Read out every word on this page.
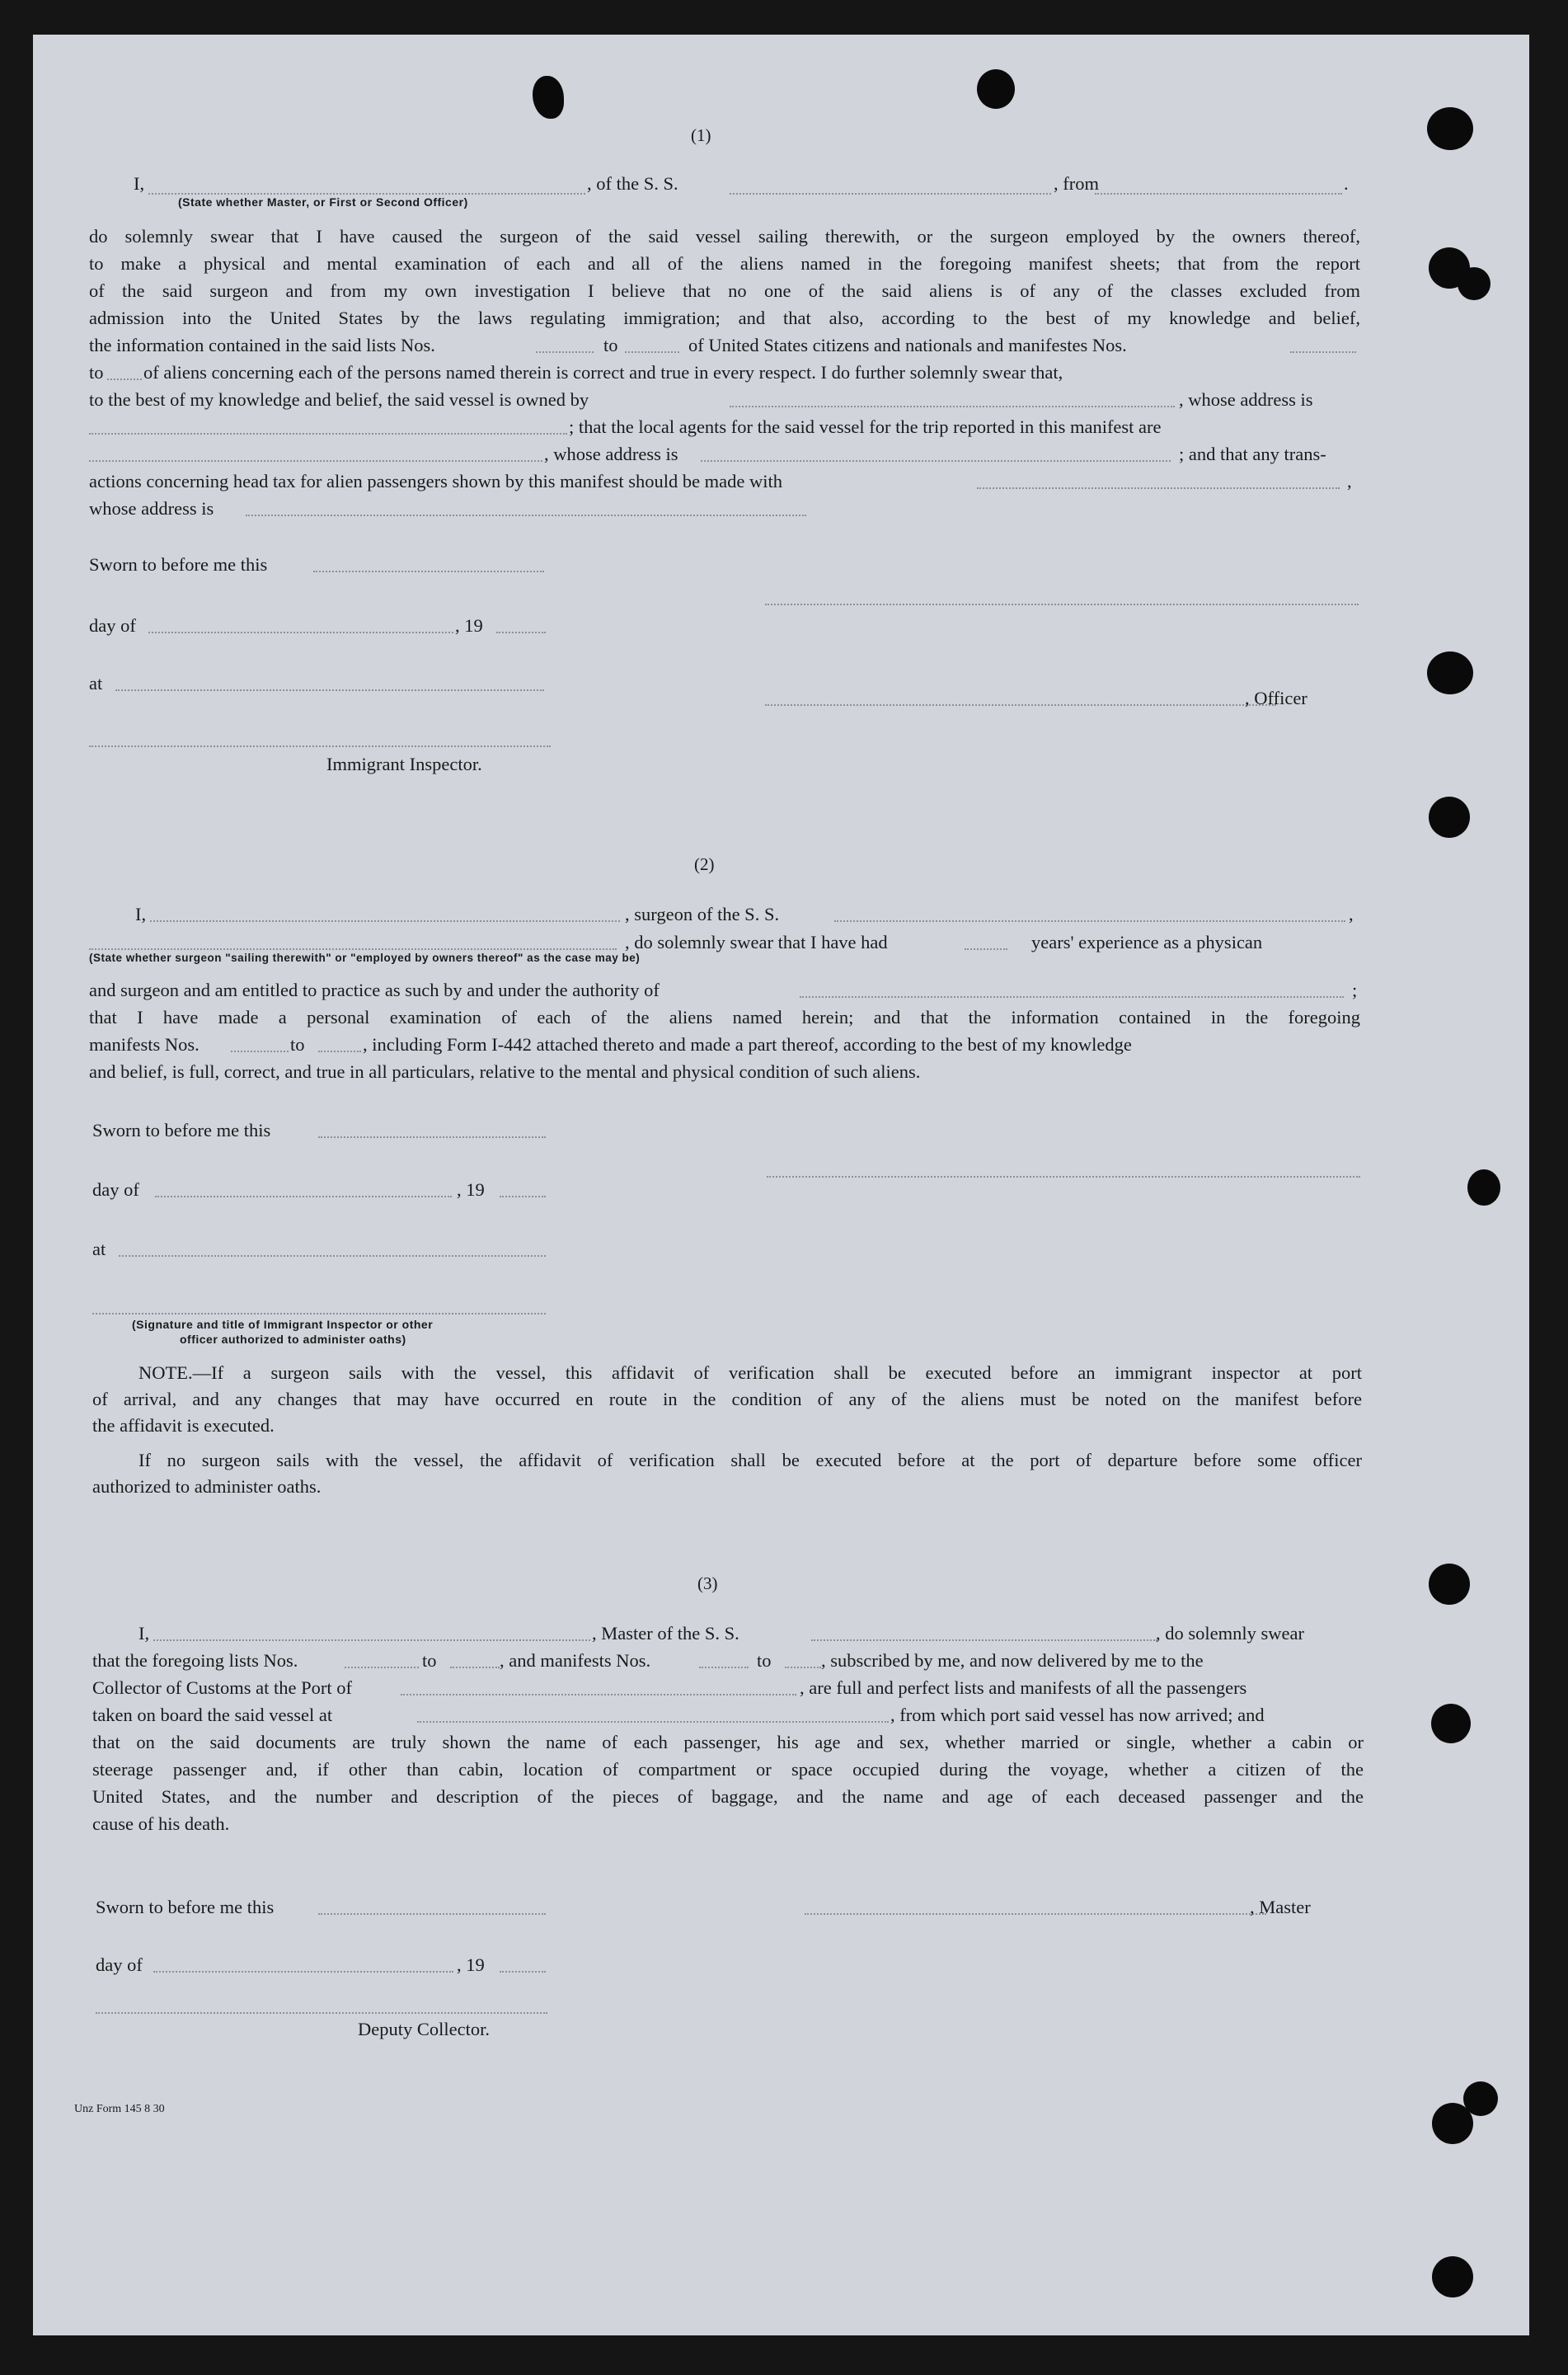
(1)
I,	, of the S. S.	, from	.
(State whether Master, or First or Second Officer)
do solemnly swear that I have caused the surgeon of the said vessel sailing therewith, or the surgeon employed by the owners thereof,
to make a physical and mental examination of each and all of the aliens named in the foregoing manifest sheets; that from the report
of the said surgeon and from my own investigation I believe that no one of the said aliens is of any of the classes excluded from
admission into the United States by the laws regulating immigration; and that also, according to the best of my knowledge and belief,
the information contained in the said lists Nos.	to	of United States citizens and nationals and manifestes Nos.
to of aliens concerning each of the persons named therein is correct and true in every respect. I do further solemnly swear that,
to the best of my knowledge and belief, the said vessel is owned by	, whose address is
; that the local agents for the said vessel for the trip reported in this manifest are
, whose address is	; and that any trans-
actions concerning head tax for alien passengers shown by this manifest should be made with	,
whose address is
Sworn to before me this
day of	, 19
at
, Officer
Immigrant Inspector.
(2)
I,	, surgeon of the S. S.	,
, do solemnly swear that I have had	years' experience as a physican
(State whether surgeon "sailing therewith" or "employed by owners thereof" as the case may be)
and surgeon and am entitled to practice as such by and under the authority of	;
that I have made a personal examination of each of the aliens named herein; and that the information contained in the foregoing
manifests Nos.	to	, including Form I-442 attached thereto and made a part thereof, according to the best of my knowledge
and belief, is full, correct, and true in all particulars, relative to the mental and physical condition of such aliens.
Sworn to before me this
day of	, 19
at
(Signature and title of Immigrant Inspector or other
officer authorized to administer oaths)
NOTE.—If a surgeon sails with the vessel, this affidavit of verification shall be executed before an immigrant inspector at port
of arrival, and any changes that may have occurred en route in the condition of any of the aliens must be noted on the manifest before
the affidavit is executed.
If no surgeon sails with the vessel, the affidavit of verification shall be executed before at the port of departure before some officer
authorized to administer oaths.
(3)
I,	, Master of the S. S.	, do solemnly swear
that the foregoing lists Nos.	to	, and manifests Nos.	to	, subscribed by me, and now delivered by me to the
Collector of Customs at the Port of	, are full and perfect lists and manifests of all the passengers
taken on board the said vessel at	, from which port said vessel has now arrived; and
that on the said documents are truly shown the name of each passenger, his age and sex, whether married or single, whether a cabin or
steerage passenger and, if other than cabin, location of compartment or space occupied during the voyage, whether a citizen of the
United States, and the number and description of the pieces of baggage, and the name and age of each deceased passenger and the
cause of his death.
Sworn to before me this	, Master
day of	, 19
Deputy Collector.
Unz Form 145 8 30
